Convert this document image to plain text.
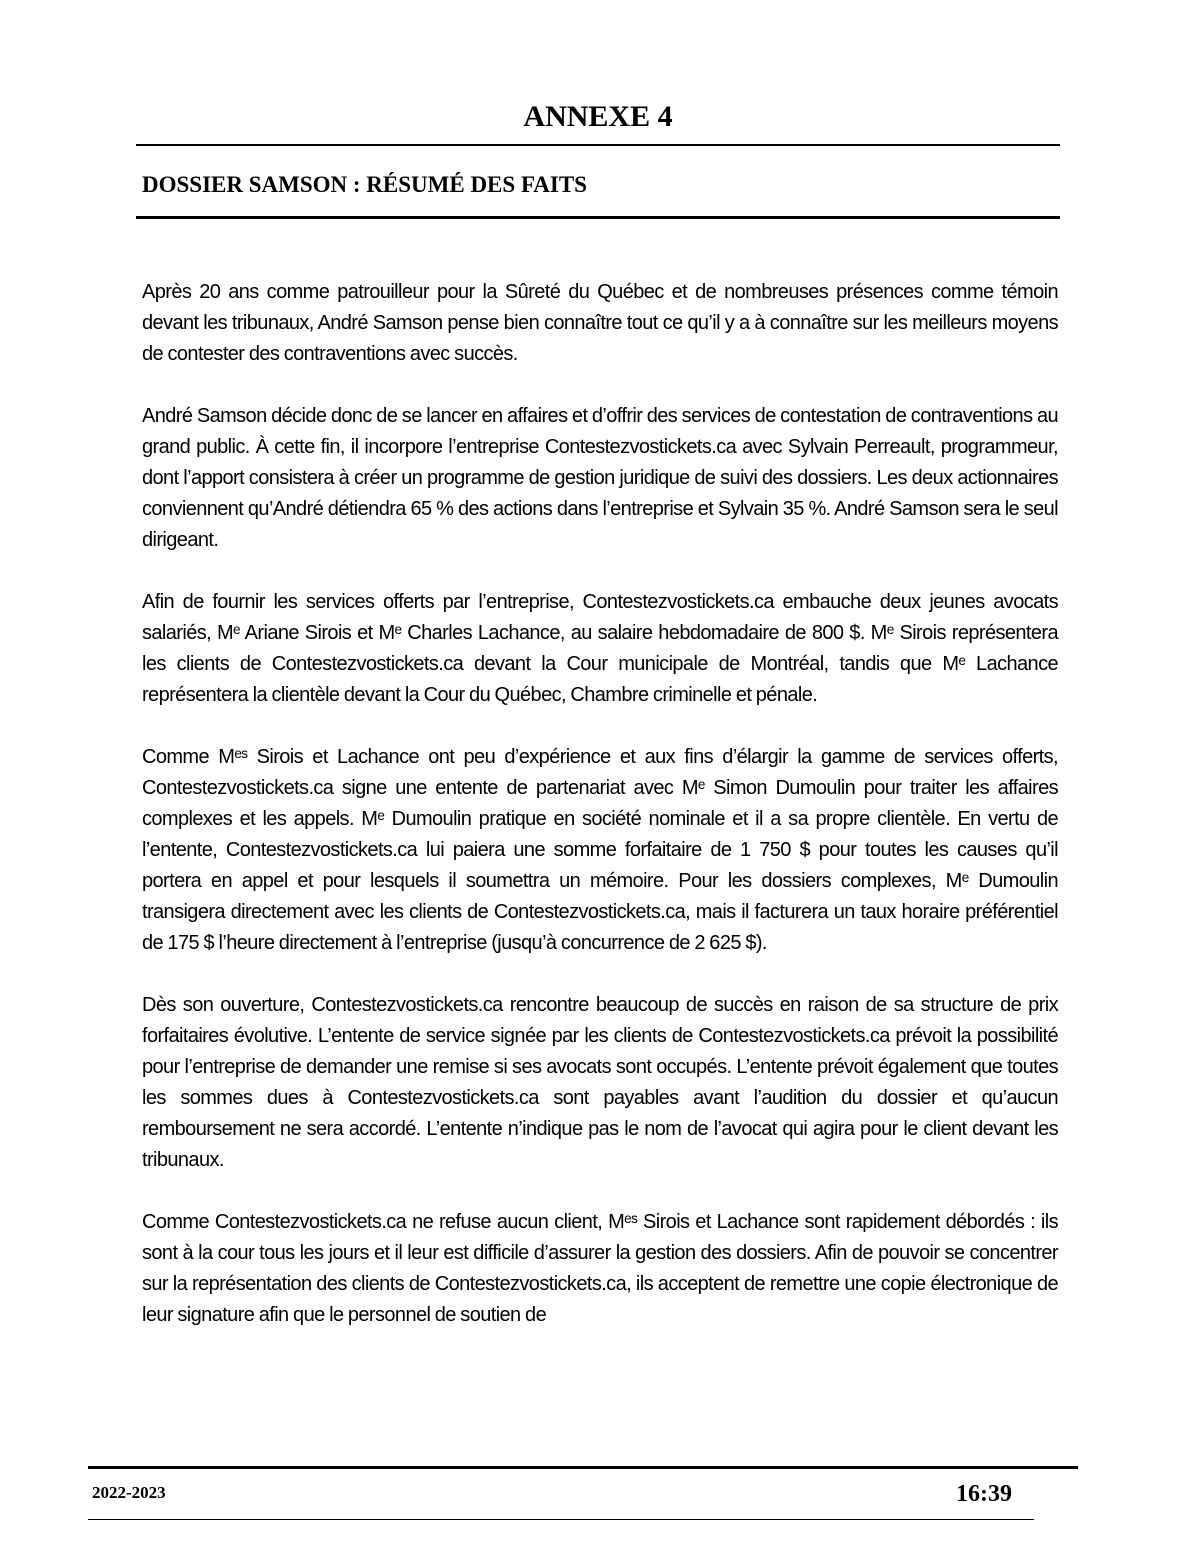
ANNEXE 4
DOSSIER SAMSON : RÉSUMÉ DES FAITS

Après 20 ans comme patrouilleur pour la Sûreté du Québec et de nombreuses présences comme témoin devant les tribunaux, André Samson pense bien connaître tout ce qu’il y a à connaître sur les meilleurs moyens de contester des contraventions avec succès.

André Samson décide donc de se lancer en affaires et d’offrir des services de contestation de contraventions au grand public. À cette fin, il incorpore l’entreprise Contestezvostickets.ca avec Sylvain Perreault, programmeur, dont l’apport consistera à créer un programme de gestion juridique de suivi des dossiers. Les deux actionnaires conviennent qu’André détiendra 65 % des actions dans l’entreprise et Sylvain 35 %. André Samson sera le seul dirigeant.

Afin de fournir les services offerts par l’entreprise, Contestezvostickets.ca embauche deux jeunes avocats salariés, Mᵉ Ariane Sirois et Mᵉ Charles Lachance, au salaire hebdomadaire de 800 $. Mᵉ Sirois représentera les clients de Contestezvostickets.ca devant la Cour municipale de Montréal, tandis que Mᵉ Lachance représentera la clientèle devant la Cour du Québec, Chambre criminelle et pénale.

Comme Mᵉˢ Sirois et Lachance ont peu d’expérience et aux fins d’élargir la gamme de services offerts, Contestezvostickets.ca signe une entente de partenariat avec Mᵉ Simon Dumoulin pour traiter les affaires complexes et les appels. Mᵉ Dumoulin pratique en société nominale et il a sa propre clientèle. En vertu de l’entente, Contestezvostickets.ca lui paiera une somme forfaitaire de 1 750 $ pour toutes les causes qu’il portera en appel et pour lesquels il soumettra un mémoire. Pour les dossiers complexes, Mᵉ Dumoulin transigera directement avec les clients de Contestezvostickets.ca, mais il facturera un taux horaire préférentiel de 175 $ l’heure directement à l’entreprise (jusqu’à concurrence de 2 625 $).

Dès son ouverture, Contestezvostickets.ca rencontre beaucoup de succès en raison de sa structure de prix forfaitaires évolutive. L’entente de service signée par les clients de Contestezvostickets.ca prévoit la possibilité pour l’entreprise de demander une remise si ses avocats sont occupés. L’entente prévoit également que toutes les sommes dues à Contestezvostickets.ca sont payables avant l’audition du dossier et qu’aucun remboursement ne sera accordé. L’entente n’indique pas le nom de l’avocat qui agira pour le client devant les tribunaux.

Comme Contestezvostickets.ca ne refuse aucun client, Mᵉˢ Sirois et Lachance sont rapidement débordés : ils sont à la cour tous les jours et il leur est difficile d’assurer la gestion des dossiers. Afin de pouvoir se concentrer sur la représentation des clients de Contestezvostickets.ca, ils acceptent de remettre une copie électronique de leur signature afin que le personnel de soutien de

2022-2023	16:39
